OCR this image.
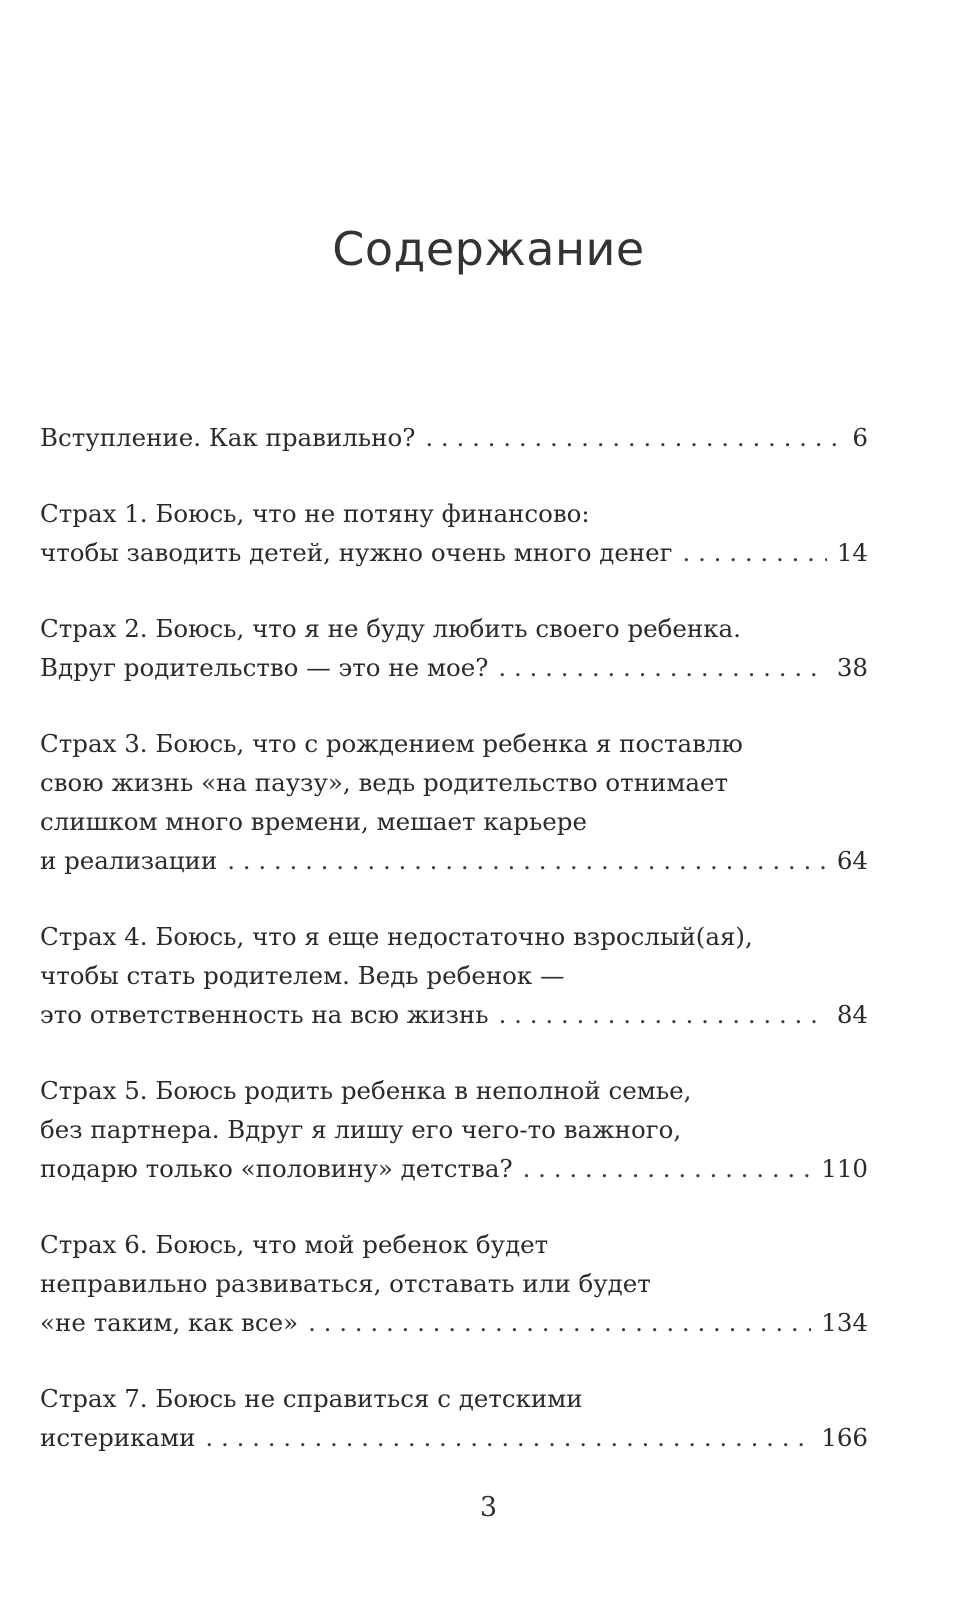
Содержание
Вступление. Как правильно? . . .	6
Страх 1. Боюсь, что не потяну финансово:
чтобы заводить детей, нужно очень много денег . . .	14
Страх 2. Боюсь, что я не буду любить своего ребенка.
Вдруг родительство — это не мое? . . .	38
Страх 3. Боюсь, что с рождением ребенка я поставлю
свою жизнь «на паузу», ведь родительство отнимает
слишком много времени, мешает карьере
и реализации . . .	64
Страх 4. Боюсь, что я еще недостаточно взрослый(ая),
чтобы стать родителем. Ведь ребенок —
это ответственность на всю жизнь . . .	84
Страх 5. Боюсь родить ребенка в неполной семье,
без партнера. Вдруг я лишу его чего-то важного,
подарю только «половину» детства? . . .	110
Страх 6. Боюсь, что мой ребенок будет
неправильно развиваться, отставать или будет
«не таким, как все» . . .	134
Страх 7. Боюсь не справиться с детскими
истериками . . .	166
3
